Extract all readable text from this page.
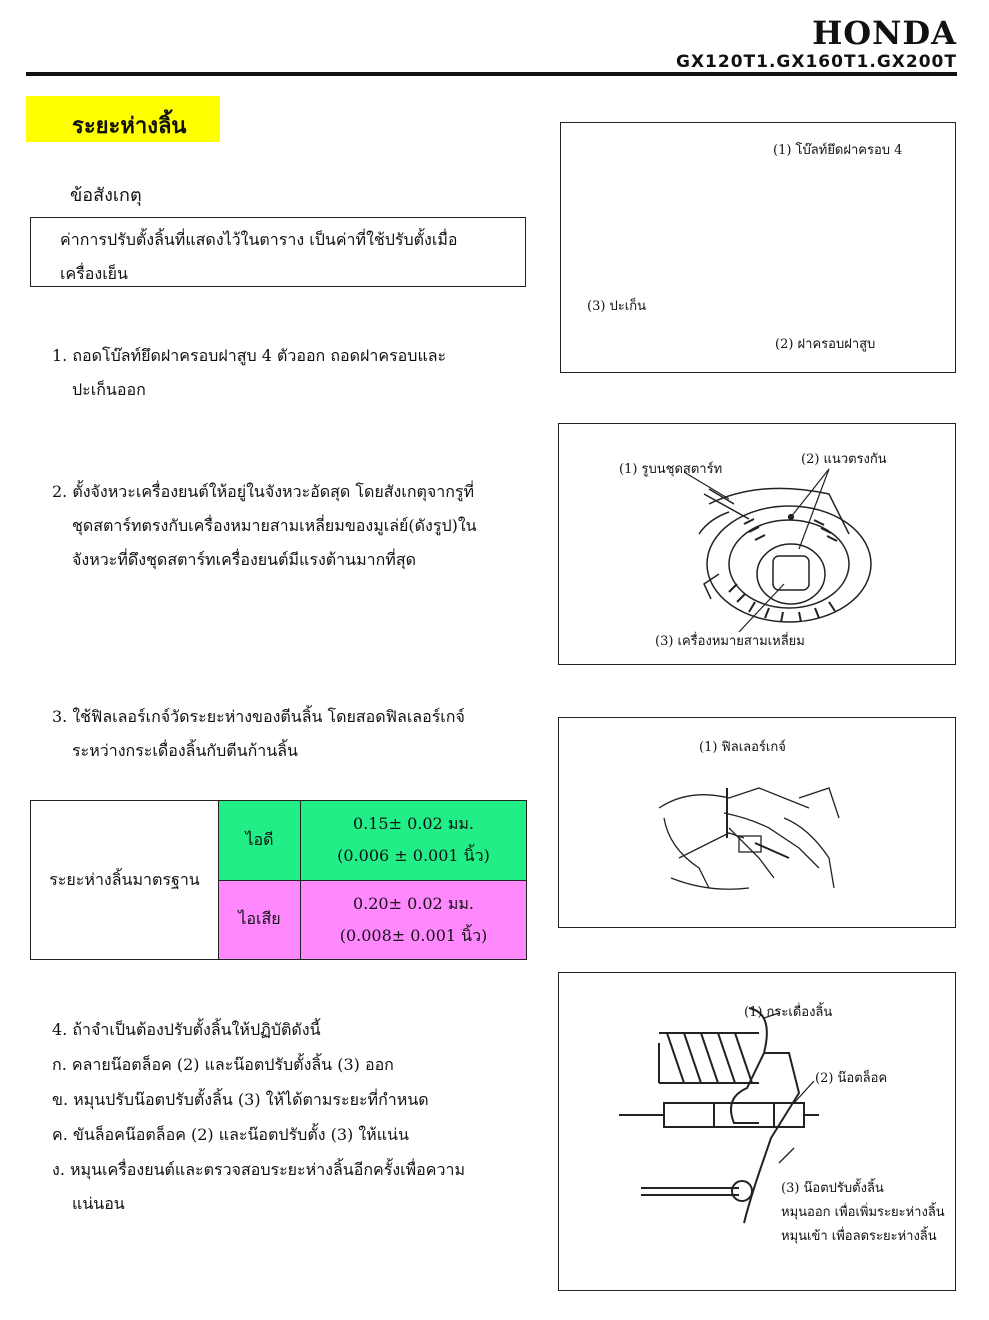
HONDA
GX120T1.GX160T1.GX200T
ระยะห่างลิ้น
ข้อสังเกตุ
ค่าการปรับตั้งลิ้นที่แสดงไว้ในตาราง เป็นค่าที่ใช้ปรับตั้งเมื่อ
เครื่องเย็น
1. ถอดโบ๊ลท์ยึดฝาครอบฝาสูบ 4 ตัวออก ถอดฝาครอบและ
ปะเก็นออก
2. ตั้งจังหวะเครื่องยนต์ให้อยู่ในจังหวะอัดสุด โดยสังเกตุจากรูที่
ชุดสตาร์ทตรงกับเครื่องหมายสามเหลี่ยมของมูเล่ย์(ดังรูป)ใน
จังหวะที่ดึงชุดสตาร์ทเครื่องยนต์มีแรงต้านมากที่สุด
3. ใช้ฟิลเลอร์เกจ์วัดระยะห่างของตีนลิ้น โดยสอดฟิลเลอร์เกจ์
ระหว่างกระเดื่องลิ้นกับตีนก้านลิ้น
ระยะห่างลิ้นมาตรฐาน	ไอดี	0.15± 0.02 มม.
(0.006 ± 0.001 นิ้ว)

	ไอเสีย	0.20± 0.02 มม.
(0.008± 0.001 นิ้ว)
4. ถ้าจำเป็นต้องปรับตั้งลิ้นให้ปฏิบัติดังนี้
ก. คลายน๊อตล็อค (2) และน๊อตปรับตั้งลิ้น (3) ออก
ข. หมุนปรับน๊อตปรับตั้งลิ้น (3) ให้ได้ตามระยะที่กำหนด
ค. ขันล็อคน๊อตล็อค (2) และน๊อตปรับตั้ง (3) ให้แน่น
ง. หมุนเครื่องยนต์และตรวจสอบระยะห่างลิ้นอีกครั้งเพื่อความ
แน่นอน
(1) โบ๊ลท์ยึดฝาครอบ 4
(3) ปะเก็น
(2) ฝาครอบฝาสูบ
(1) รูบนชุดสตาร์ท
(2) แนวตรงกัน
(3) เครื่องหมายสามเหลี่ยม
(1) ฟิลเลอร์เกจ์
(1) กระเดื่องลิ้น
(2) น๊อตล็อค
(3) น๊อตปรับตั้งลิ้น
หมุนออก เพื่อเพิ่มระยะห่างลิ้น
หมุนเข้า เพื่อลดระยะห่างลิ้น
